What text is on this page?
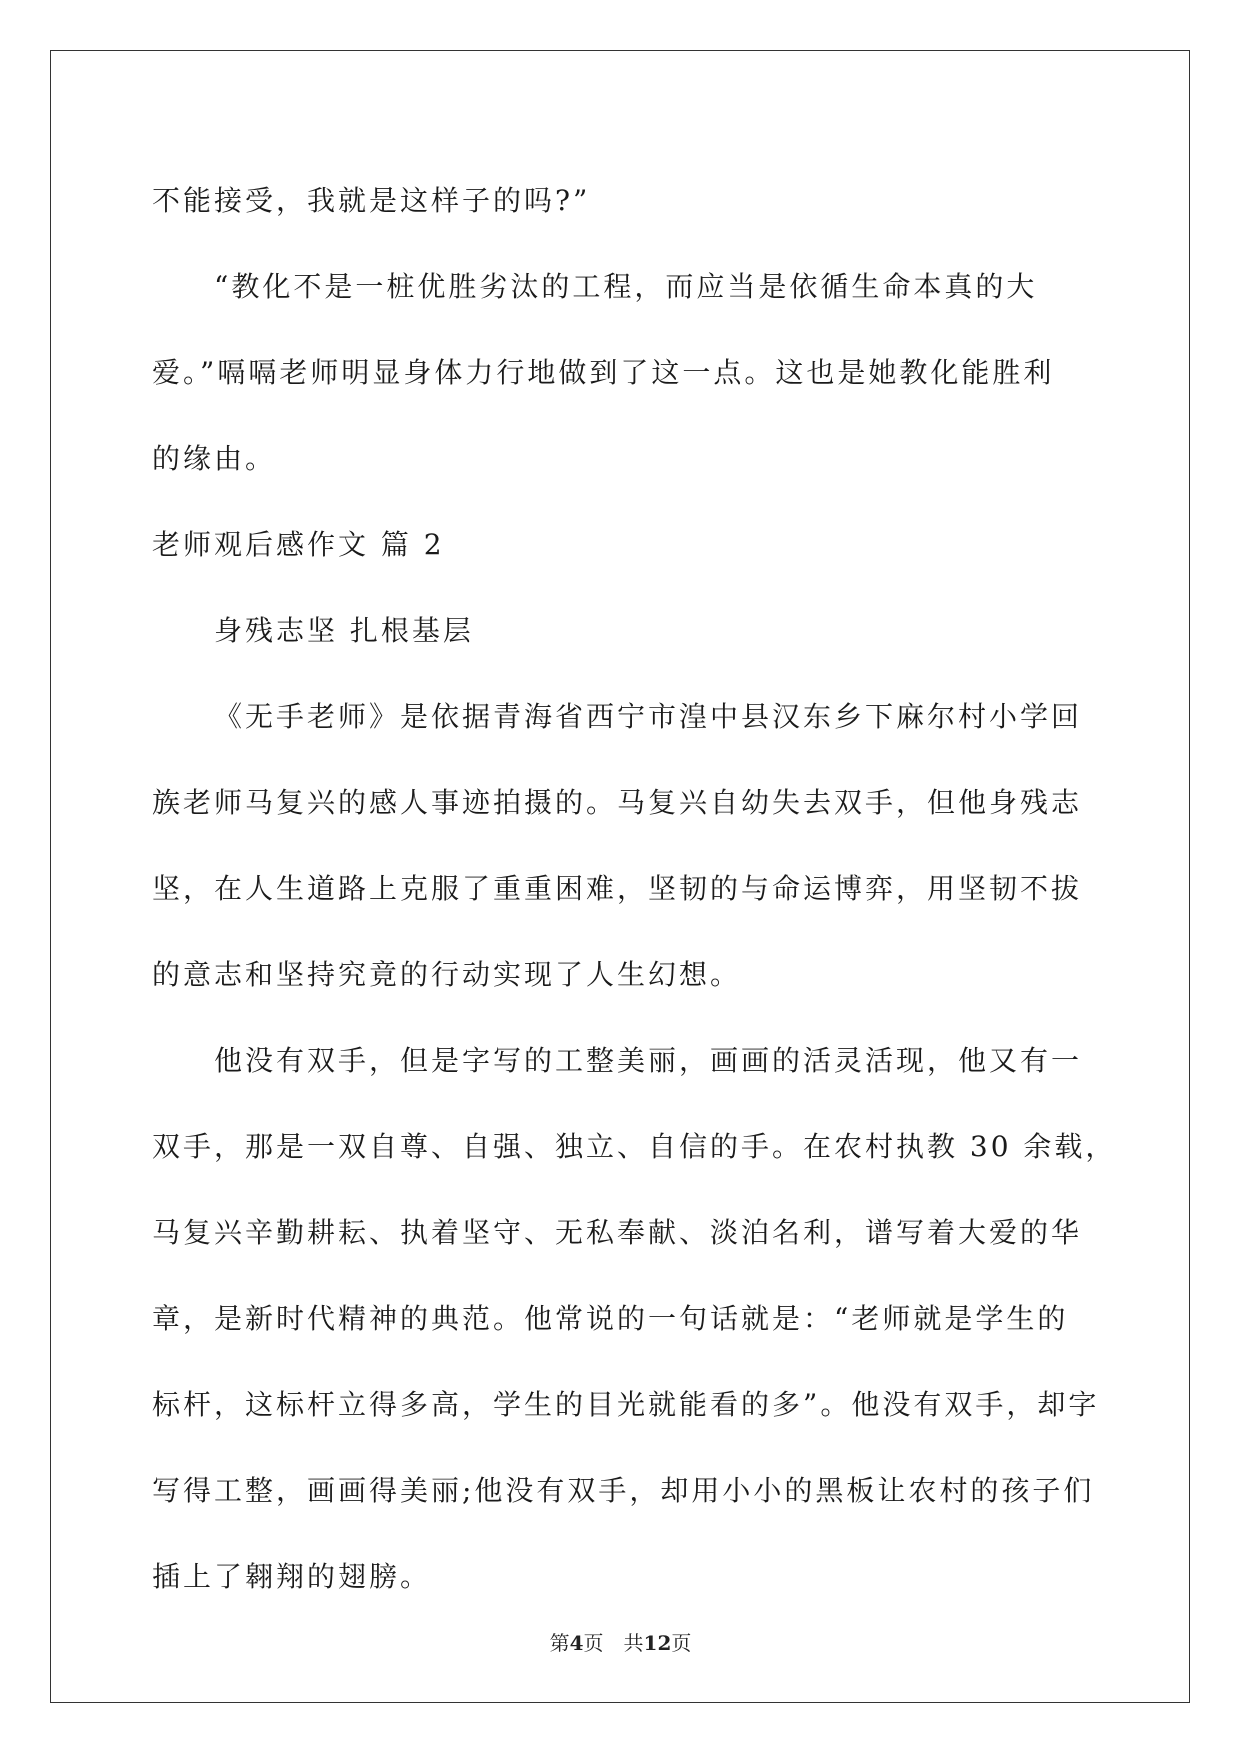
不能接受，我就是这样子的吗?”

“教化不是一桩优胜劣汰的工程，而应当是依循生命本真的大

爱。”嗝嗝老师明显身体力行地做到了这一点。这也是她教化能胜利

的缘由。

老师观后感作文 篇 2

身残志坚 扎根基层

《无手老师》是依据青海省西宁市湟中县汉东乡下麻尔村小学回

族老师马复兴的感人事迹拍摄的。马复兴自幼失去双手，但他身残志

坚，在人生道路上克服了重重困难，坚韧的与命运博弈，用坚韧不拔

的意志和坚持究竟的行动实现了人生幻想。

他没有双手，但是字写的工整美丽，画画的活灵活现，他又有一

双手，那是一双自尊、自强、独立、自信的手。在农村执教 30 余载，

马复兴辛勤耕耘、执着坚守、无私奉献、淡泊名利，谱写着大爱的华

章，是新时代精神的典范。他常说的一句话就是：“老师就是学生的

标杆，这标杆立得多高，学生的目光就能看的多”。他没有双手，却字

写得工整，画画得美丽;他没有双手，却用小小的黑板让农村的孩子们

插上了翱翔的翅膀。

第4页　共12页
